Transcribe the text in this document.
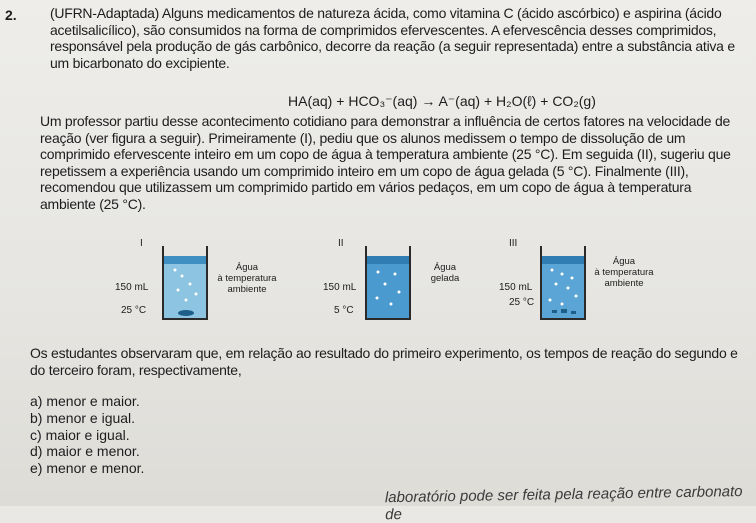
2. (UFRN-Adaptada) Alguns medicamentos de natureza ácida, como vitamina C (ácido ascórbico) e aspirina (ácido acetilsalicílico), são consumidos na forma de comprimidos efervescentes. A efervescência desses comprimidos, responsável pela produção de gás carbônico, decorre da reação (a seguir representada) entre a substância ativa e um bicarbonato do excipiente.
HA(aq) + HCO₃⁻(aq) → A⁻(aq) + H₂O(ℓ) + CO₂(g)
Um professor partiu desse acontecimento cotidiano para demonstrar a influência de certos fatores na velocidade de reação (ver figura a seguir). Primeiramente (I), pediu que os alunos medissem o tempo de dissolução de um comprimido efervescente inteiro em um copo de água à temperatura ambiente (25 °C). Em seguida (II), sugeriu que repetissem a experiência usando um comprimido inteiro em um copo de água gelada (5 °C). Finalmente (III), recomendou que utilizassem um comprimido partido em vários pedaços, em um copo de água à temperatura ambiente (25 °C).
I
150 mL
25 °C
Água
à temperatura
ambiente
II
150 mL
5 °C
Água
gelada
III
150 mL
25 °C
Água
à temperatura
ambiente
Os estudantes observaram que, em relação ao resultado do primeiro experimento, os tempos de reação do segundo e do terceiro foram, respectivamente,
a) menor e maior.
b) menor e igual.
c) maior e igual.
d) maior e menor.
e) menor e menor.
laboratório pode ser feita pela reação entre carbonato de
